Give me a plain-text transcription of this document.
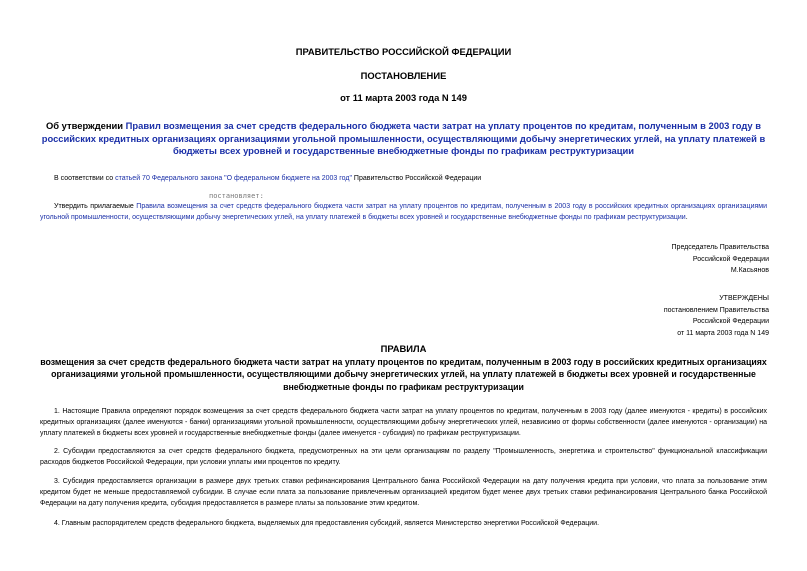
ПРАВИТЕЛЬСТВО РОССИЙСКОЙ ФЕДЕРАЦИИ
ПОСТАНОВЛЕНИЕ
от 11 марта 2003 года N 149
Об утверждении Правил возмещения за счет средств федерального бюджета части затрат на уплату процентов по кредитам, полученным в 2003 году в российских кредитных организациях организациями угольной промышленности, осуществляющими добычу энергетических углей, на уплату платежей в бюджеты всех уровней и государственные внебюджетные фонды по графикам реструктуризации
В соответствии со статьей 70 Федерального закона "О федеральном бюджете на 2003 год" Правительство Российской Федерации
постановляет:
Утвердить прилагаемые Правила возмещения за счет средств федерального бюджета части затрат на уплату процентов по кредитам, полученным в 2003 году в российских кредитных организациях организациями угольной промышленности, осуществляющими добычу энергетических углей, на уплату платежей в бюджеты всех уровней и государственные внебюджетные фонды по графикам реструктуризации.
Председатель Правительства
Российской Федерации
М.Касьянов
УТВЕРЖДЕНЫ
постановлением Правительства
Российской Федерации
от 11 марта 2003 года N 149
ПРАВИЛА
возмещения за счет средств федерального бюджета части затрат на уплату процентов по кредитам, полученным в 2003 году в российских кредитных организациях организациями угольной промышленности, осуществляющими добычу энергетических углей, на уплату платежей в бюджеты всех уровней и государственные внебюджетные фонды по графикам реструктуризации
1. Настоящие Правила определяют порядок возмещения за счет средств федерального бюджета части затрат на уплату процентов по кредитам, полученным в 2003 году (далее именуются - кредиты) в российских кредитных организациях (далее именуются - банки) организациями угольной промышленности, осуществляющими добычу энергетических углей, независимо от формы собственности (далее именуются - организации) на уплату платежей в бюджеты всех уровней и государственные внебюджетные фонды (далее именуется - субсидия) по графикам реструктуризации.
2. Субсидии предоставляются за счет средств федерального бюджета, предусмотренных на эти цели организациям по разделу "Промышленность, энергетика и строительство" функциональной классификации расходов бюджетов Российской Федерации, при условии уплаты ими процентов по кредиту.
3. Субсидия предоставляется организации в размере двух третьих ставки рефинансирования Центрального банка Российской Федерации на дату получения кредита при условии, что плата за пользование этим кредитом будет не меньше предоставляемой субсидии. В случае если плата за пользование привлеченным организацией кредитом будет менее двух третьих ставки рефинансирования Центрального банка Российской Федерации на дату получения кредита, субсидия предоставляется в размере платы за пользование этим кредитом.
4. Главным распорядителем средств федерального бюджета, выделяемых для предоставления субсидий, является Министерство энергетики Российской Федерации.
